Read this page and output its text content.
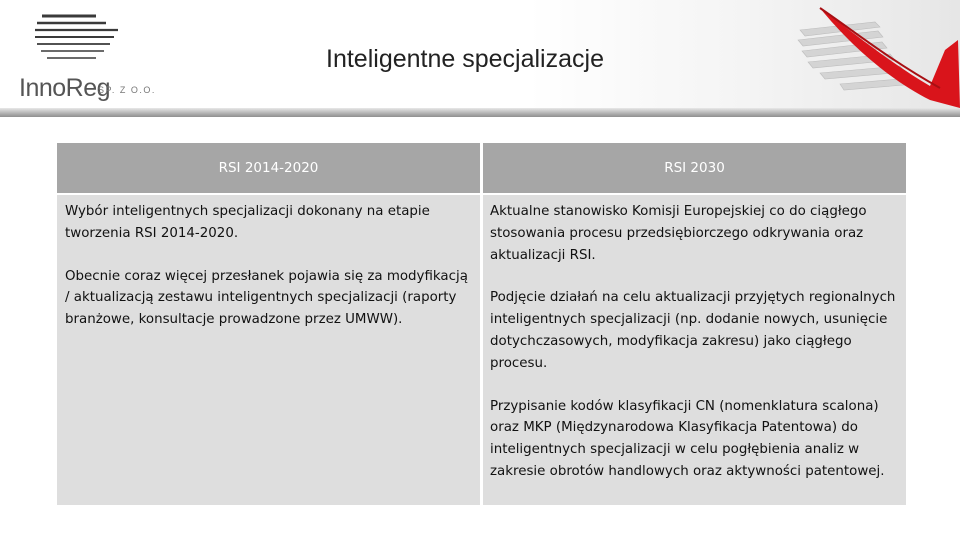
InnoReg
SP. Z O.O.
Inteligentne specjalizacje
RSI 2014-2020	RSI 2030

Wybór inteligentnych specjalizacji dokonany na etapie tworzenia RSI 2014-2020.

Obecnie coraz więcej przesłanek pojawia się za modyfikacją / aktualizacją zestawu inteligentnych specjalizacji (raporty branżowe, konsultacje prowadzone przez UMWW).

Aktualne stanowisko Komisji Europejskiej co do ciągłego stosowania procesu przedsiębiorczego odkrywania oraz aktualizacji RSI.

Podjęcie działań na celu aktualizacji przyjętych regionalnych inteligentnych specjalizacji (np. dodanie nowych, usunięcie dotychczasowych, modyfikacja zakresu) jako ciągłego procesu.

Przypisanie kodów klasyfikacji CN (nomenklatura scalona) oraz MKP (Międzynarodowa Klasyfikacja Patentowa) do inteligentnych specjalizacji w celu pogłębienia analiz w zakresie obrotów handlowych oraz aktywności patentowej.
